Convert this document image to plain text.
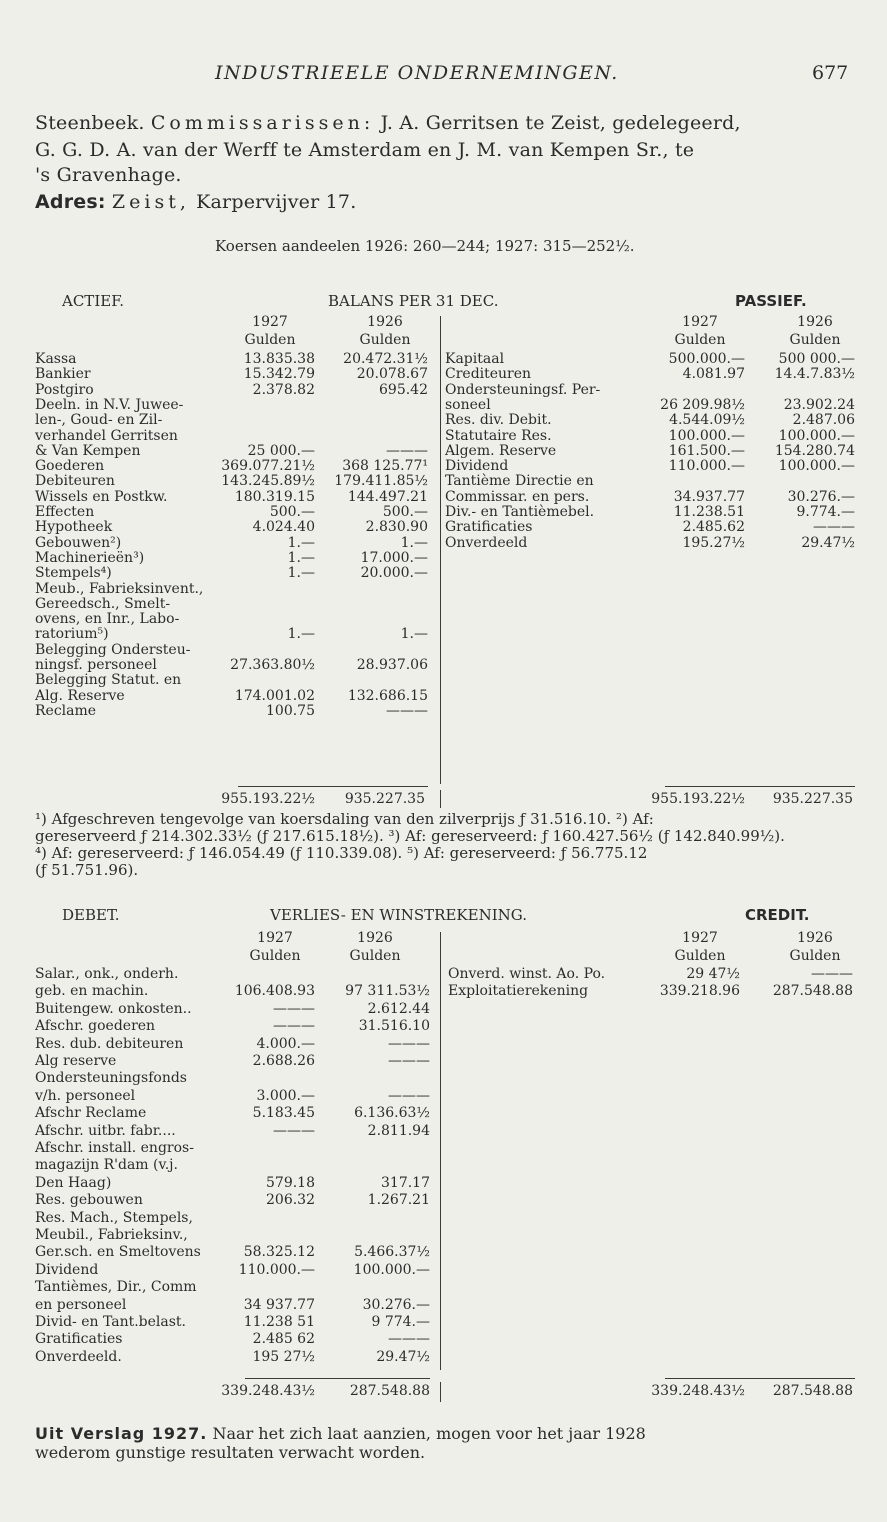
INDUSTRIEELE ONDERNEMINGEN.	677
Steenbeek. Commissarissen: J. A. Gerritsen te Zeist, gedelegeerd,
G. G. D. A. van der Werff te Amsterdam en J. M. van Kempen Sr., te
's Gravenhage.
Adres: Zeist, Karpervijver 17.
Koersen aandeelen 1926: 260—244; 1927: 315—252½.
ACTIEF.	BALANS PER 31 DEC.	PASSIEF.
1927	1926	1927	1926
Gulden	Gulden	Gulden	Gulden
Kassa	13.835.38	20.472.31½
Bankier	15.342.79	20.078.67
Postgiro	2.378.82	695.42
Deeln. in N.V. Juwee-
len-, Goud- en Zil-
verhandel Gerritsen
& Van Kempen	25 000.—	———
Goederen	369.077.21½	368 125.77¹
Debiteuren	143.245.89½	179.411.85½
Wissels en Postkw.	180.319.15	144.497.21
Effecten	500.—	500.—
Hypotheek	4.024.40	2.830.90
Gebouwen²)	1.—	1.—
Machinerieën³)	1.—	17.000.—
Stempels⁴)	1.—	20.000.—
Meub., Fabrieksinvent.,
Gereedsch., Smelt-
ovens, en Inr., Labo-
ratorium⁵)	1.—	1.—
Belegging Ondersteu-
ningsf. personeel	27.363.80½	28.937.06
Belegging Statut. en
Alg. Reserve	174.001.02	132.686.15
Reclame	100.75	———
Kapitaal	500.000.—	500 000.—
Crediteuren	4.081.97	14.4.7.83½
Ondersteuningsf. Per-
soneel	26 209.98½	23.902.24
Res. div. Debit.	4.544.09½	2.487.06
Statutaire Res.	100.000.—	100.000.—
Algem. Reserve	161.500.—	154.280.74
Dividend	110.000.—	100.000.—
Tantième Directie en
Commissar. en pers.	34.937.77	30.276.—
Div.- en Tantièmebel.	11.238.51	9.774.—
Gratificaties	2.485.62	———
Onverdeeld	195.27½	29.47½
955.193.22½	935.227.35	955.193.22½	935.227.35
¹) Afgeschreven tengevolge van koersdaling van den zilverprijs ƒ 31.516.10. ²) Af:
gereserveerd ƒ 214.302.33½ (ƒ 217.615.18½). ³) Af: gereserveerd: ƒ 160.427.56½ (ƒ 142.840.99½).
⁴) Af: gereserveerd: ƒ 146.054.49 (ƒ 110.339.08). ⁵) Af: gereserveerd: ƒ 56.775.12
(ƒ 51.751.96).
DEBET.	VERLIES- EN WINSTREKENING.	CREDIT.
1927	1926	1927	1926
Gulden	Gulden	Gulden	Gulden
Salar., onk., onderh.
geb. en machin.	106.408.93	97 311.53½
Buitengew. onkosten..	———	2.612.44
Afschr. goederen	———	31.516.10
Res. dub. debiteuren	4.000.—	———
Alg reserve	2.688.26	———
Ondersteuningsfonds
v/h. personeel	3.000.—	———
Afschr Reclame	5.183.45	6.136.63½
Afschr. uitbr. fabr....	———	2.811.94
Afschr. install. engros-
magazijn R'dam (v.j.
Den Haag)	579.18	317.17
Res. gebouwen	206.32	1.267.21
Res. Mach., Stempels,
Meubil., Fabrieksinv.,
Ger.sch. en Smeltovens	58.325.12	5.466.37½
Dividend	110.000.—	100.000.—
Tantièmes, Dir., Comm
en personeel	34 937.77	30.276.—
Divid- en Tant.belast.	11.238 51	9 774.—
Gratificaties	2.485 62	———
Onverdeeld.	195 27½	29.47½
Onverd. winst. Ao. Po.	29 47½	———
Exploitatierekening	339.218.96	287.548.88
339.248.43½	287.548.88	339.248.43½	287.548.88
Uit Verslag 1927. Naar het zich laat aanzien, mogen voor het jaar 1928
wederom gunstige resultaten verwacht worden.
